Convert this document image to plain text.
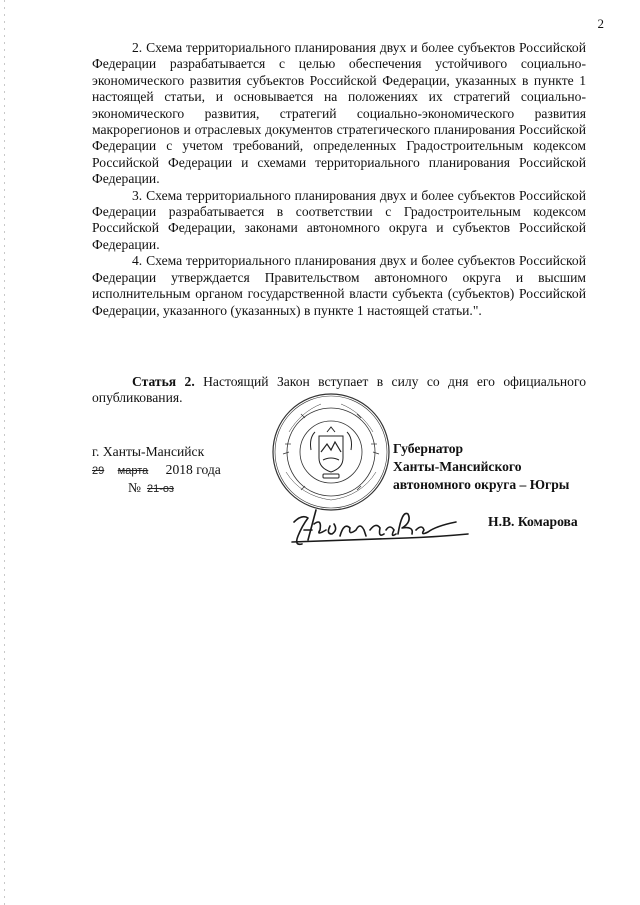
2

2. Схема территориального планирования двух и более субъектов Российской Федерации разрабатывается с целью обеспечения устойчивого социально-экономического развития субъектов Российской Федерации, указанных в пункте 1 настоящей статьи, и основывается на положениях их стратегий социально-экономического развития, стратегий социально-экономического развития макрорегионов и отраслевых документов стратегического планирования Российской Федерации с учетом требований, определенных Градостроительным кодексом Российской Федерации и схемами территориального планирования Российской Федерации.

3. Схема территориального планирования двух и более субъектов Российской Федерации разрабатывается в соответствии с Градостроительным кодексом Российской Федерации, законами автономного округа и субъектов Российской Федерации.

4. Схема территориального планирования двух и более субъектов Российской Федерации утверждается Правительством автономного округа и высшим исполнительным органом государственной власти субъекта (субъектов) Российской Федерации, указанного (указанных) в пункте 1 настоящей статьи.".

Статья 2. Настоящий Закон вступает в силу со дня его официального опубликования.

г. Ханты-Мансийск
29 марта 2018 года
№ 21-оз
Губернатор
Ханты-Мансийского
автономного округа – Югры
Н.В. Комарова
